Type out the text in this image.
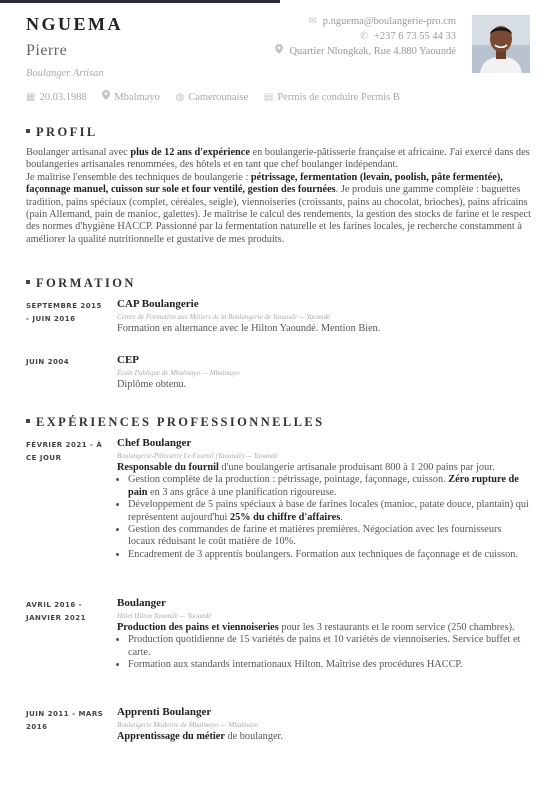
NGUEMA
Pierre
Boulanger Artisan
✉ p.nguema@boulangerie-pro.cm
✆ +237 6 73 55 44 33
Quartier Nlongkak, Rue 4.880 Yaoundé
▦ 20.03.1988	Mbalmayo ◍ Camerounaise ▤ Permis de conduire Permis B
PROFIL

Boulanger artisanal avec plus de 12 ans d'expérience en boulangerie-pâtisserie française et africaine. J'ai exercé dans des boulangeries artisanales renommées, des hôtels et en tant que chef boulanger indépendant.

Je maîtrise l'ensemble des techniques de boulangerie : pétrissage, fermentation (levain, poolish, pâte fermentée), façonnage manuel, cuisson sur sole et four ventilé, gestion des fournées. Je produis une gamme complète : baguettes tradition, pains spéciaux (complet, céréales, seigle), viennoiseries (croissants, pains au chocolat, brioches), pains africains (pain Allemand, pain de manioc, galettes). Je maîtrise le calcul des rendements, la gestion des stocks de farine et le respect des normes d'hygiène HACCP. Passionné par la fermentation naturelle et les farines locales, je recherche constamment à améliorer la qualité nutritionnelle et gustative de mes produits.

FORMATION
SEPTEMBRE 2015 - JUIN 2016
CAP Boulangerie
Centre de Formation aux Métiers de la Boulangerie de Yaoundé — Yaoundé
Formation en alternance avec le Hilton Yaoundé. Mention Bien.
JUIN 2004	CEP
École Publique de Mbalmayo — Mbalmayo
Diplôme obtenu.
EXPÉRIENCES PROFESSIONNELLES
FÉVRIER 2021 - À CE JOUR
Chef Boulanger
Boulangerie-Pâtisserie Le Fournil (Yaoundé) — Yaoundé
Responsable du fournil d'une boulangerie artisanale produisant 800 à 1 200 pains par jour.
• Gestion complète de la production : pétrissage, pointage, façonnage, cuisson. Zéro rupture de pain en 3 ans grâce à une planification rigoureuse.
• Développement de 5 pains spéciaux à base de farines locales (manioc, patate douce, plantain) qui représentent aujourd'hui 25% du chiffre d'affaires.
• Gestion des commandes de farine et matières premières. Négociation avec les fournisseurs locaux réduisant le coût matière de 10%.
• Encadrement de 3 apprentis boulangers. Formation aux techniques de façonnage et de cuisson.
AVRIL 2016 - JANVIER 2021
Boulanger
Hôtel Hilton Yaoundé — Yaoundé
Production des pains et viennoiseries pour les 3 restaurants et le room service (250 chambres).
• Production quotidienne de 15 variétés de pains et 10 variétés de viennoiseries. Service buffet et carte.
• Formation aux standards internationaux Hilton. Maîtrise des procédures HACCP.
JUIN 2011 - MARS 2016
Apprenti Boulanger
Boulangerie Moderne de Mbalmayo — Mbalmayo
Apprentissage du métier de boulanger.
